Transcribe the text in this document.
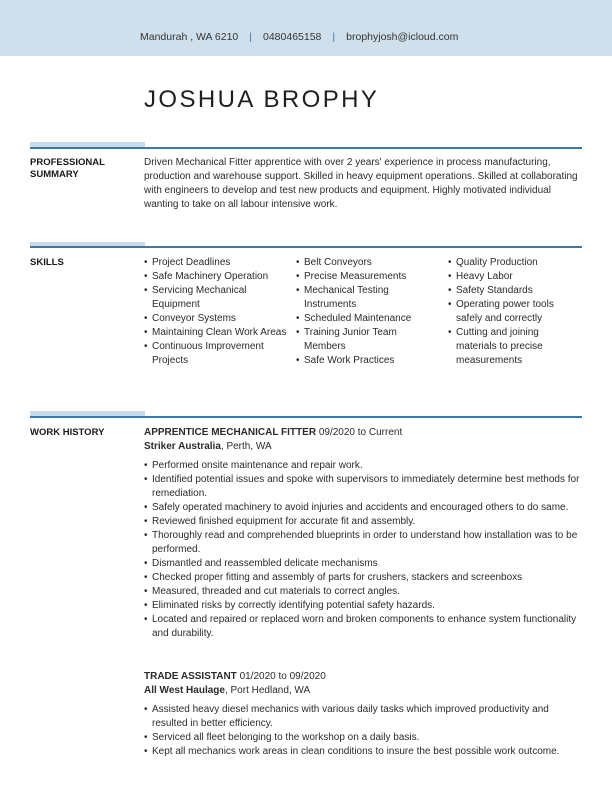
Mandurah , WA 6210 | 0480465158 | brophyjosh@icloud.com
JOSHUA BROPHY
PROFESSIONAL
SUMMARY

Driven Mechanical Fitter apprentice with over 2 years' experience in process manufacturing, production and warehouse support. Skilled in heavy equipment operations. Skilled at collaborating with engineers to develop and test new products and equipment. Highly motivated individual wanting to take on all labour intensive work.

SKILLS
•	Project Deadlines
• Safe Machinery Operation
• Servicing Mechanical Equipment
• Conveyor Systems
• Maintaining Clean Work Areas
• Continuous Improvement Projects
• Belt Conveyors
• Precise Measurements
• Mechanical Testing Instruments
• Scheduled Maintenance
• Training Junior Team Members
• Safe Work Practices
• Quality Production
• Heavy Labor
• Safety Standards
• Operating power tools safely and correctly
• Cutting and joining materials to precise measurements
WORK HISTORY	APPRENTICE MECHANICAL FITTER 09/2020 to Current
Striker Australia, Perth, WA
• Performed onsite maintenance and repair work.
• Identified potential issues and spoke with supervisors to immediately determine best methods for remediation.
• Safely operated machinery to avoid injuries and accidents and encouraged others to do same.
• Reviewed finished equipment for accurate fit and assembly.
• Thoroughly read and comprehended blueprints in order to understand how installation was to be performed.
• Dismantled and reassembled delicate mechanisms
• Checked proper fitting and assembly of parts for crushers, stackers and screenboxs
• Measured, threaded and cut materials to correct angles.
• Eliminated risks by correctly identifying potential safety hazards.
• Located and repaired or replaced worn and broken components to enhance system functionality and durability.
TRADE ASSISTANT 01/2020 to 09/2020
All West Haulage, Port Hedland, WA
• Assisted heavy diesel mechanics with various daily tasks which improved productivity and resulted in better efficiency.
• Serviced all fleet belonging to the workshop on a daily basis.
• Kept all mechanics work areas in clean conditions to insure the best possible work outcome.
